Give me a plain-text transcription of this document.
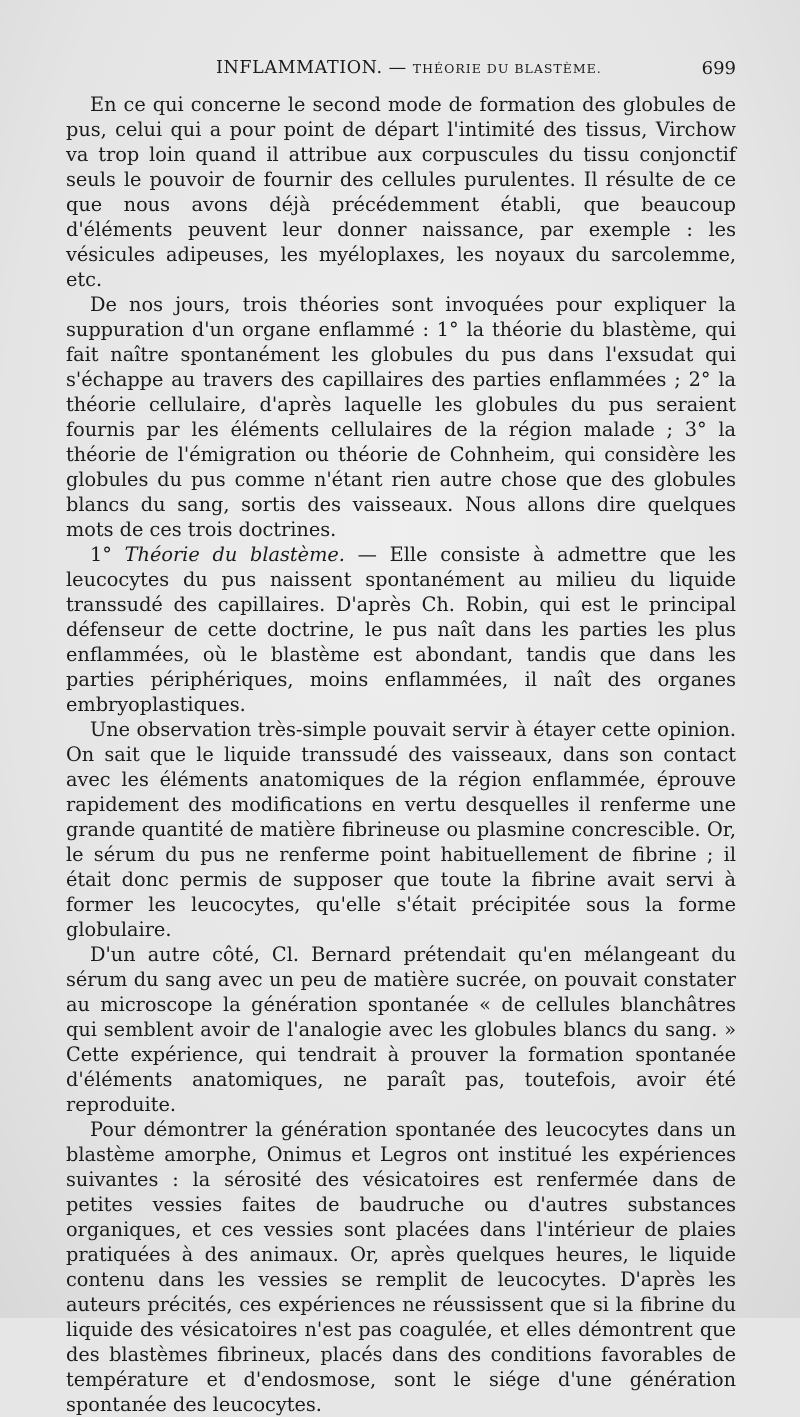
INFLAMMATION. — THÉORIE DU BLASTÈME.	699

En ce qui concerne le second mode de formation des globules de pus, celui qui a pour point de départ l'intimité des tissus, Virchow va trop loin quand il attribue aux corpuscules du tissu conjonctif seuls le pouvoir de fournir des cellules purulentes. Il résulte de ce que nous avons déjà précédemment établi, que beaucoup d'éléments peuvent leur donner naissance, par exemple : les vésicules adipeuses, les myéloplaxes, les noyaux du sarcolemme, etc.

De nos jours, trois théories sont invoquées pour expliquer la suppuration d'un organe enflammé : 1° la théorie du blastème, qui fait naître spontanément les globules du pus dans l'exsudat qui s'échappe au travers des capillaires des parties enflammées ; 2° la théorie cellulaire, d'après laquelle les globules du pus seraient fournis par les éléments cellulaires de la région malade ; 3° la théorie de l'émigration ou théorie de Cohnheim, qui considère les globules du pus comme n'étant rien autre chose que des globules blancs du sang, sortis des vaisseaux. Nous allons dire quelques mots de ces trois doctrines.

1° Théorie du blastème. — Elle consiste à admettre que les leucocytes du pus naissent spontanément au milieu du liquide transsudé des capillaires. D'après Ch. Robin, qui est le principal défenseur de cette doctrine, le pus naît dans les parties les plus enflammées, où le blastème est abondant, tandis que dans les parties périphériques, moins enflammées, il naît des organes embryoplastiques.

Une observation très-simple pouvait servir à étayer cette opinion. On sait que le liquide transsudé des vaisseaux, dans son contact avec les éléments anatomiques de la région enflammée, éprouve rapidement des modifications en vertu desquelles il renferme une grande quantité de matière fibrineuse ou plasmine concrescible. Or, le sérum du pus ne renferme point habituellement de fibrine ; il était donc permis de supposer que toute la fibrine avait servi à former les leucocytes, qu'elle s'était précipitée sous la forme globulaire.

D'un autre côté, Cl. Bernard prétendait qu'en mélangeant du sérum du sang avec un peu de matière sucrée, on pouvait constater au microscope la génération spontanée « de cellules blanchâtres qui semblent avoir de l'analogie avec les globules blancs du sang. » Cette expérience, qui tendrait à prouver la formation spontanée d'éléments anatomiques, ne paraît pas, toutefois, avoir été reproduite.

Pour démontrer la génération spontanée des leucocytes dans un blastème amorphe, Onimus et Legros ont institué les expériences suivantes : la sérosité des vésicatoires est renfermée dans de petites vessies faites de baudruche ou d'autres substances organiques, et ces vessies sont placées dans l'intérieur de plaies pratiquées à des animaux. Or, après quelques heures, le liquide contenu dans les vessies se remplit de leucocytes. D'après les auteurs précités, ces expériences ne réussissent que si la fibrine du liquide des vésicatoires n'est pas coagulée, et elles démontrent que des blastèmes fibrineux, placés dans des conditions favorables de température et d'endosmose, sont le siége d'une génération spontanée des leucocytes.
